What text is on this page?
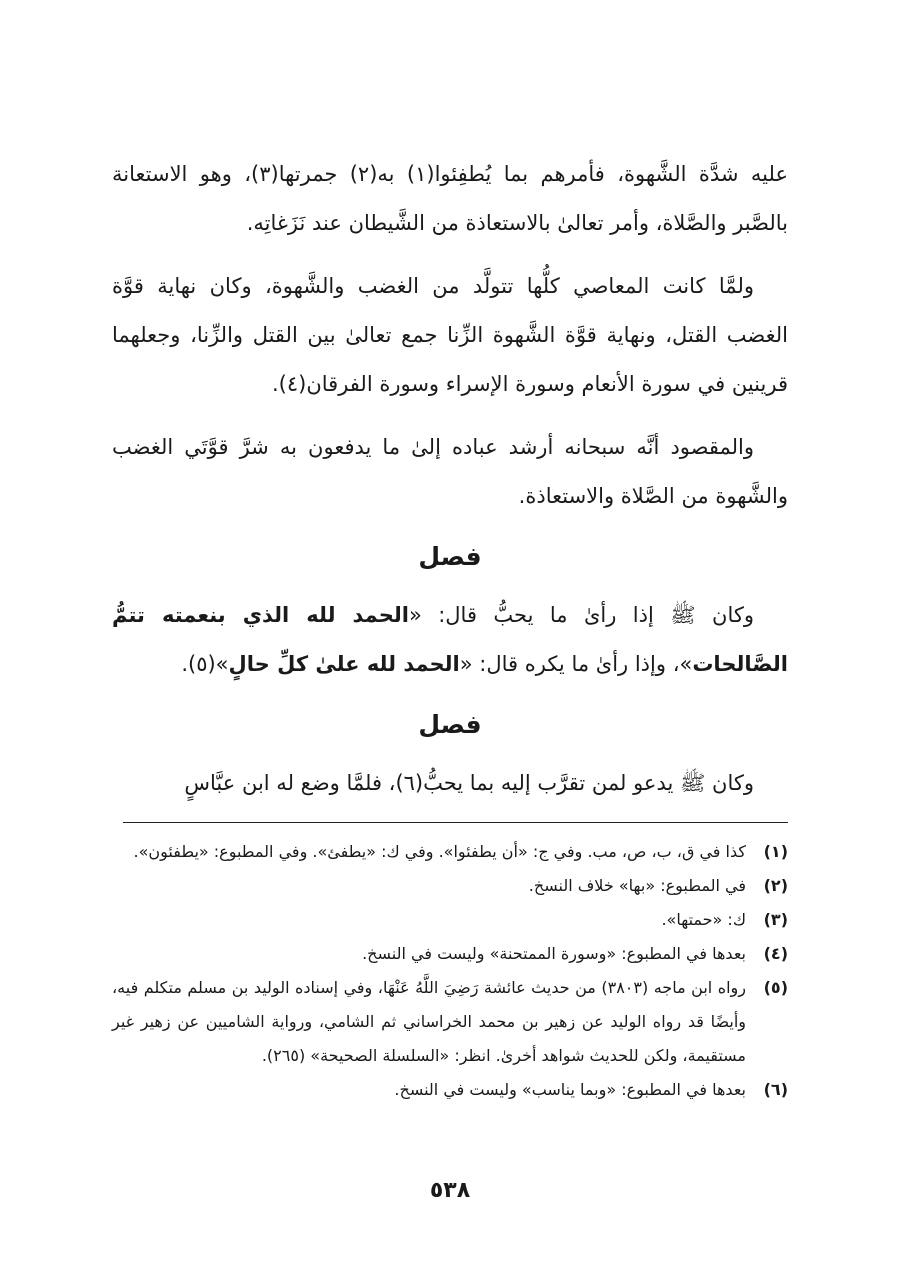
عليه شدَّة الشَّهوة، فأمرهم بما يُطفِئوا(١) به(٢) جمرتها(٣)، وهو الاستعانة بالصَّبر والصَّلاة، وأمر تعالىٰ بالاستعاذة من الشَّيطان عند نَزَغاتِه.

ولمَّا كانت المعاصي كلُّها تتولَّد من الغضب والشَّهوة، وكان نهاية قوَّة الغضب القتل، ونهاية قوَّة الشَّهوة الزِّنا جمع تعالىٰ بين القتل والزِّنا، وجعلهما قرينين في سورة الأنعام وسورة الإسراء وسورة الفرقان(٤).

والمقصود أنَّه سبحانه أرشد عباده إلىٰ ما يدفعون به شرَّ قوَّتَي الغضب والشَّهوة من الصَّلاة والاستعاذة.

فصل

وكان ﷺ إذا رأىٰ ما يحبُّ قال: «الحمد لله الذي بنعمته تتمُّ الصَّالحات»، وإذا رأىٰ ما يكره قال: «الحمد لله علىٰ كلِّ حالٍ»(٥).

فصل

وكان ﷺ يدعو لمن تقرَّب إليه بما يحبُّ(٦)، فلمَّا وضع له ابن عبَّاسٍ

(١)
كذا في ق، ب، ص، مب. وفي ج: «أن يطفئوا». وفي ك: «يطفئ». وفي المطبوع: «يطفئون».
(٢)
في المطبوع: «بها» خلاف النسخ.
(٣)
ك: «حمتها».
(٤)
بعدها في المطبوع: «وسورة الممتحنة» وليست في النسخ.
(٥)
رواه ابن ماجه (٣٨٠٣) من حديث عائشة رَضِيَ اللَّهُ عَنْهَا، وفي إسناده الوليد بن مسلم متكلم فيه، وأيضًا قد رواه الوليد عن زهير بن محمد الخراساني ثم الشامي، ورواية الشاميين عن زهير غير مستقيمة، ولكن للحديث شواهد أخرىٰ. انظر: «السلسلة الصحيحة» (٢٦٥).
(٦)
بعدها في المطبوع: «وبما يناسب» وليست في النسخ.
٥٣٨
